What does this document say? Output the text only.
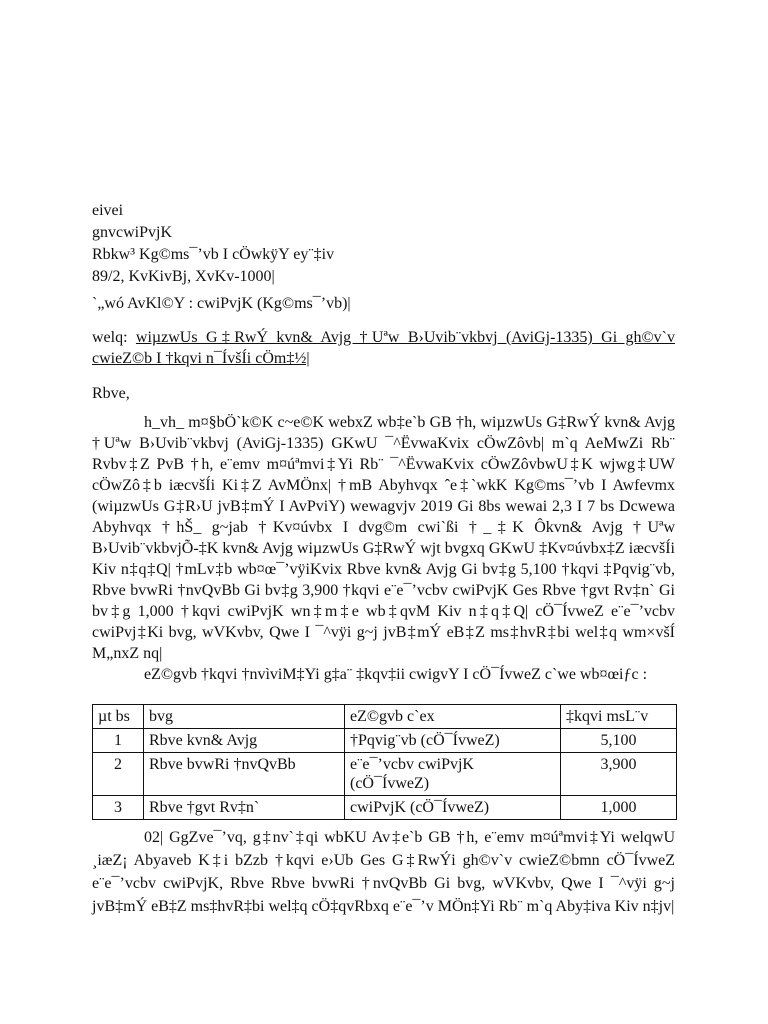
eivei
gnvcwiPvjK
Rbkw³ Kg©ms¯’vb I cÖwkÿY ey¨‡iv
89/2, KvKivBj, XvKv-1000|
`„wó AvKl©Y : cwiPvjK (Kg©ms¯’vb)|
welq: wiµzwUs G‡RwÝ kvn& Avjg †Uªw B›Uvib¨vkbvj (AviGj-1335) Gi gh©v`v cwieZ©b I †kqvi n¯ÍvšÍi cÖm‡½|
Rbve,
h_vh_ m¤§bÖ`k©K c~e©K webxZ wb‡e`b GB †h, wiµzwUs G‡RwÝ kvn& Avjg †Uªw B›Uvib¨vkbvj (AviGj-1335) GKwU ¯^ËvwaKvix cÖwZôvb| m`q AeMwZi Rb¨ Rvbv‡Z PvB †h, e¨emv m¤úªmvi‡Yi Rb¨ ¯^ËvwaKvix cÖwZôvbwU‡K wjwg‡UW cÖwZô‡b iæcvšÍi Ki‡Z AvMÖnx| †mB Abyhvqx ˆe‡`wkK Kg©ms¯’vb I Awfevmx (wiµzwUs G‡R›U jvB‡mÝ I AvPviY) wewagvjv 2019 Gi 8bs wewai 2,3 I 7 bs Dcwewa Abyhvqx †hŠ_ g~jab †Kv¤úvbx I dvg©m cwi`ßi †_‡K Ôkvn& Avjg †Uªw B›Uvib¨vkbvjÕ-‡K kvn& Avjg wiµzwUs G‡RwÝ wjt bvgxq GKwU ‡Kv¤úvbx‡Z iæcvšÍi Kiv n‡q‡Q| †mLv‡b wb¤œ¯’vÿiKvix Rbve kvn& Avjg Gi bv‡g 5,100 †kqvi ‡Pqvig¨vb, Rbve bvwRi †nvQvBb Gi bv‡g 3,900 †kqvi e¨e¯’vcbv cwiPvjK Ges Rbve †gvt Rv‡n` Gi bv‡g 1,000 †kqvi cwiPvjK wn‡m‡e wb‡qvM Kiv n‡q‡Q| cÖ¯ÍvweZ e¨e¯’vcbv cwiPvj‡Ki bvg, wVKvbv, Qwe I ¯^vÿi g~j jvB‡mÝ eB‡Z ms‡hvR‡bi wel‡q wm×všÍ M„nxZ nq|
eZ©gvb †kqvi †nvìviM‡Yi g‡a¨ ‡kqv‡ii cwigvY I cÖ¯ÍvweZ c`we wb¤œiƒc :
µt bs	bvg	eZ©gvb c`ex	‡kqvi msL¨v
1	Rbve kvn& Avjg	†Pqvig¨vb (cÖ¯ÍvweZ)	5,100
2	Rbve bvwRi †nvQvBb	e¨e¯’vcbv cwiPvjK (cÖ¯ÍvweZ)	3,900
3	Rbve †gvt Rv‡n`	cwiPvjK (cÖ¯ÍvweZ)	1,000
02| GgZve¯’vq, g‡nv`‡qi wbKU Av‡e`b GB †h, e¨emv m¤úªmvi‡Yi welqwU ¸iæZ¡ Abyaveb K‡i bZzb †kqvi e›Ub Ges G‡RwÝi gh©v`v cwieZ©bmn cÖ¯ÍvweZ e¨e¯’vcbv cwiPvjK, Rbve Rbve bvwRi †nvQvBb Gi bvg, wVKvbv, Qwe I ¯^vÿi g~j jvB‡mÝ eB‡Z ms‡hvR‡bi wel‡q cÖ‡qvRbxq e¨e¯’v MÖn‡Yi Rb¨ m`q Aby‡iva Kiv n‡jv|
